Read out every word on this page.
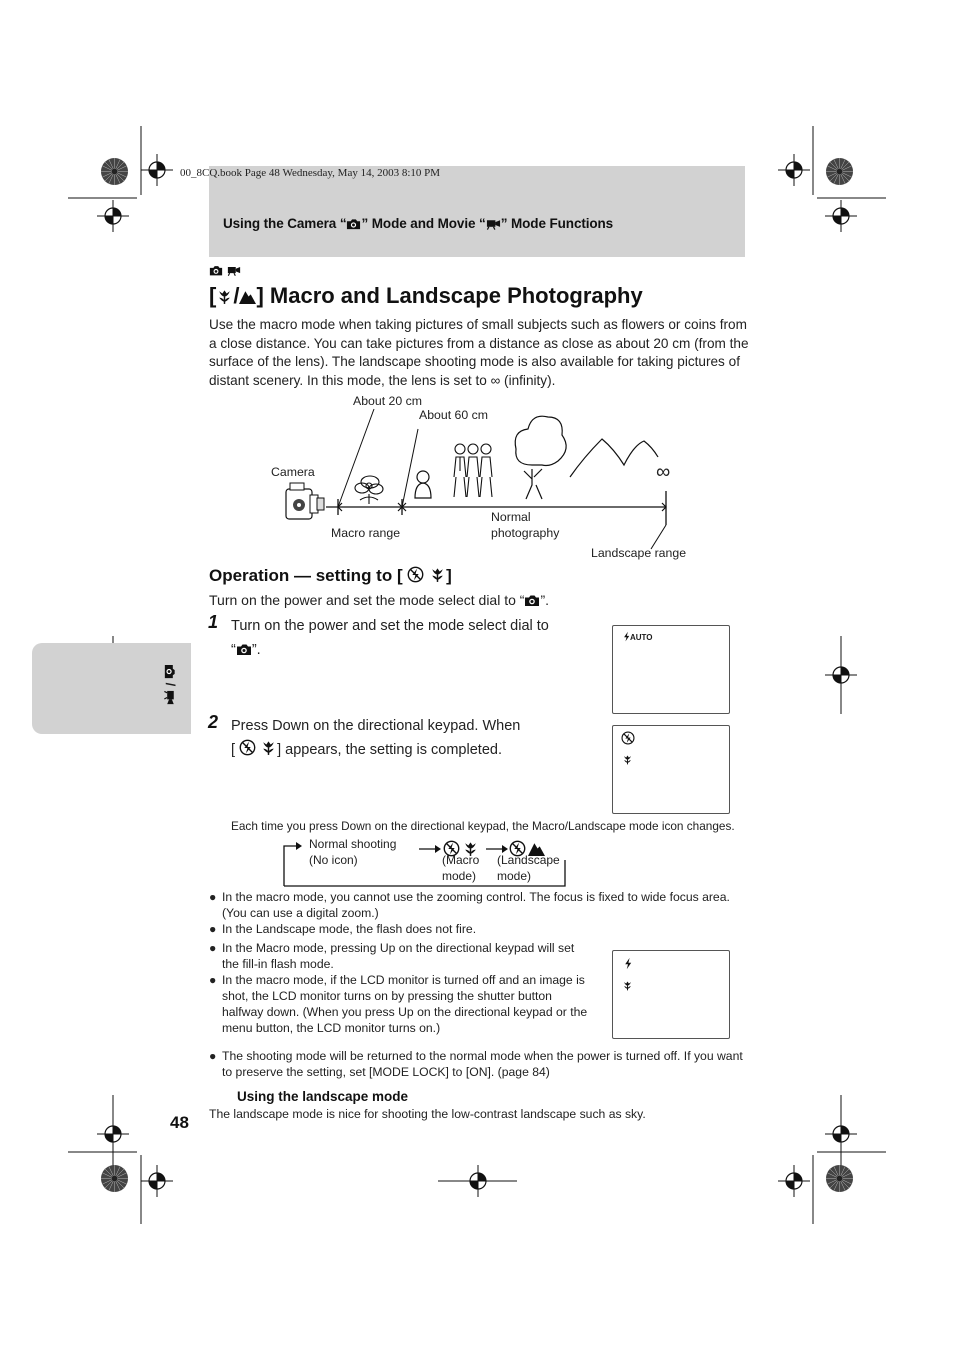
00_8CQ.book Page 48 Wednesday, May 14, 2003 8:10 PM
Using the Camera “ ” Mode and Movie “ ” Mode Functions
/

[ / ] Macro and Landscape Photography
Use the macro mode when taking pictures of small subjects such as flowers or coins from a close distance. You can take pictures from a distance as close as about 20 cm (from the surface of the lens). The landscape shooting mode is also available for taking pictures of distant scenery. In this mode, the lens is set to ∞ (infinity).
About 20 cm
About 60 cm
Camera
Macro range
Normal
photography
Landscape range
∞
Operation — setting to [	]
Turn on the power and set the mode select dial to “ ”.
1 Turn on the power and set the mode select dial to
“ ”.
AUTO
2 Press Down on the directional keypad. When
[	] appears, the setting is completed.
Each time you press Down on the directional keypad, the Macro/Landscape mode icon changes.
Normal shooting
(No icon)	(Macro
mode)
(Landscape
mode)
● In the macro mode, you cannot use the zooming control. The focus is fixed to wide focus area. (You can use a digital zoom.)
● In the Landscape mode, the flash does not fire.
● In the Macro mode, pressing Up on the directional keypad will set the fill-in flash mode.
● In the macro mode, if the LCD monitor is turned off and an image is shot, the LCD monitor turns on by pressing the shutter button halfway down. (When you press Up on the directional keypad or the menu button, the LCD monitor turns on.)
● The shooting mode will be returned to the normal mode when the power is turned off. If you want to preserve the setting, set [MODE LOCK] to [ON]. (page 84)
Using the landscape mode
The landscape mode is nice for shooting the low-contrast landscape such as sky.
48
